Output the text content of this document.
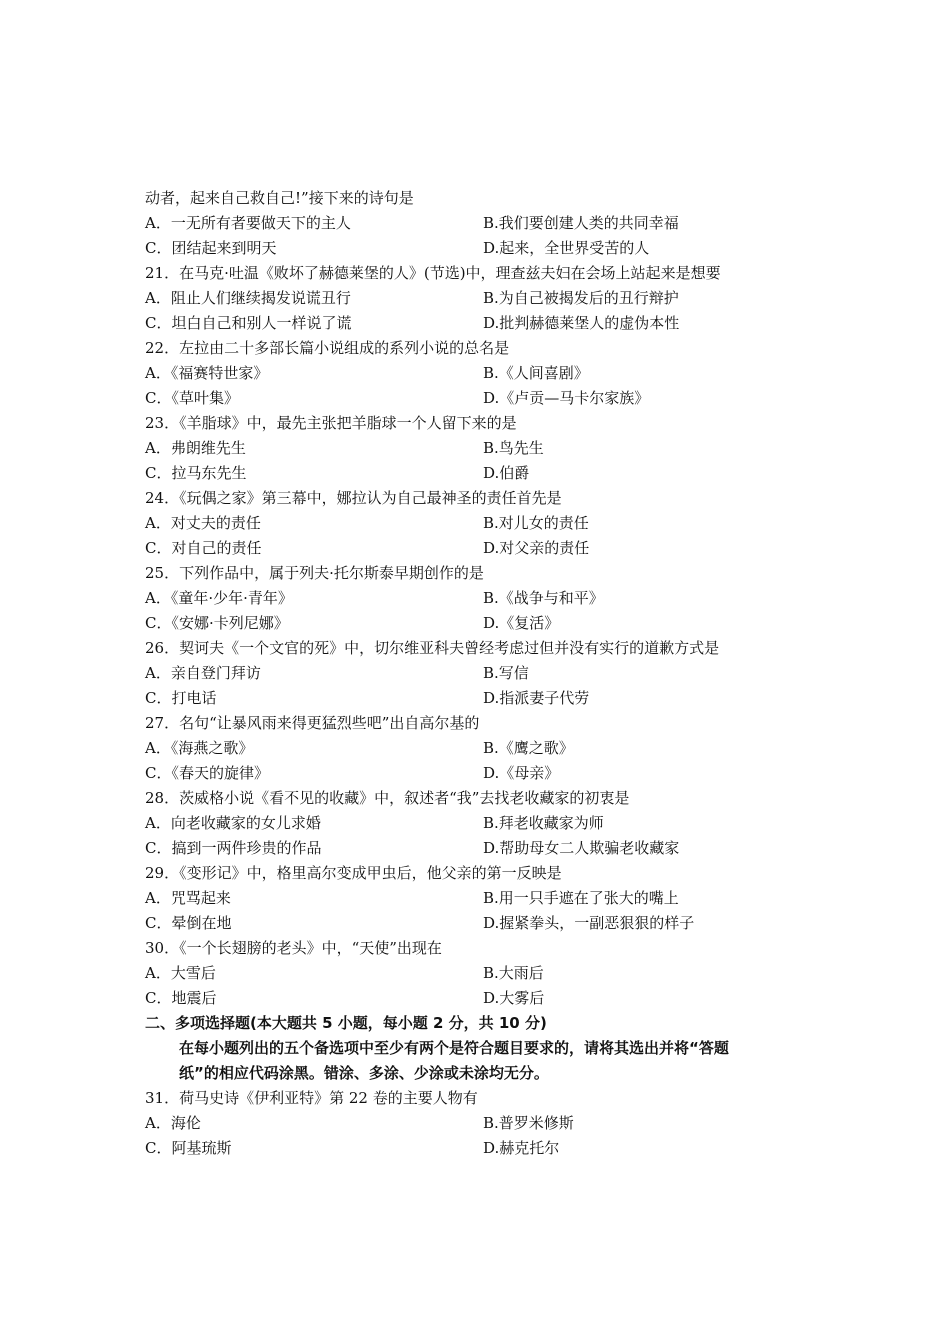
动者，起来自己救自己!”接下来的诗句是
A．一无所有者要做天下的主人	B.我们要创建人类的共同幸福
C．团结起来到明天	D.起来，全世界受苦的人
21．在马克·吐温《败坏了赫德莱堡的人》(节选)中，理查兹夫妇在会场上站起来是想要
A．阻止人们继续揭发说谎丑行	B.为自己被揭发后的丑行辩护
C．坦白自己和别人一样说了谎	D.批判赫德莱堡人的虚伪本性
22．左拉由二十多部长篇小说组成的系列小说的总名是
A．《福赛特世家》	B.《人间喜剧》
C．《草叶集》	D.《卢贡—马卡尔家族》
23．《羊脂球》中，最先主张把羊脂球一个人留下来的是
A．弗朗维先生	B.鸟先生
C．拉马东先生	D.伯爵
24．《玩偶之家》第三幕中，娜拉认为自己最神圣的责任首先是
A．对丈夫的责任	B.对儿女的责任
C．对自己的责任	D.对父亲的责任
25．下列作品中，属于列夫·托尔斯泰早期创作的是
A．《童年·少年·青年》	B.《战争与和平》
C．《安娜·卡列尼娜》	D.《复活》
26．契诃夫《一个文官的死》中，切尔维亚科夫曾经考虑过但并没有实行的道歉方式是
A．亲自登门拜访	B.写信
C．打电话	D.指派妻子代劳
27．名句“让暴风雨来得更猛烈些吧”出自高尔基的
A．《海燕之歌》	B.《鹰之歌》
C．《春天的旋律》	D.《母亲》
28．茨威格小说《看不见的收藏》中，叙述者“我”去找老收藏家的初衷是
A．向老收藏家的女儿求婚	B.拜老收藏家为师
C．搞到一两件珍贵的作品	D.帮助母女二人欺骗老收藏家
29．《变形记》中，格里高尔变成甲虫后，他父亲的第一反映是
A．咒骂起来	B.用一只手遮在了张大的嘴上
C．晕倒在地	D.握紧拳头，一副恶狠狠的样子
30．《一个长翅膀的老头》中，“天使”出现在
A．大雪后	B.大雨后
C．地震后	D.大雾后
二、多项选择题(本大题共 5 小题，每小题 2 分，共 10 分)
在每小题列出的五个备选项中至少有两个是符合题目要求的，请将其选出并将“答题
纸”的相应代码涂黑。错涂、多涂、少涂或未涂均无分。
31．荷马史诗《伊利亚特》第 22 卷的主要人物有
A．海伦	B.普罗米修斯
C．阿基琉斯	D.赫克托尔
